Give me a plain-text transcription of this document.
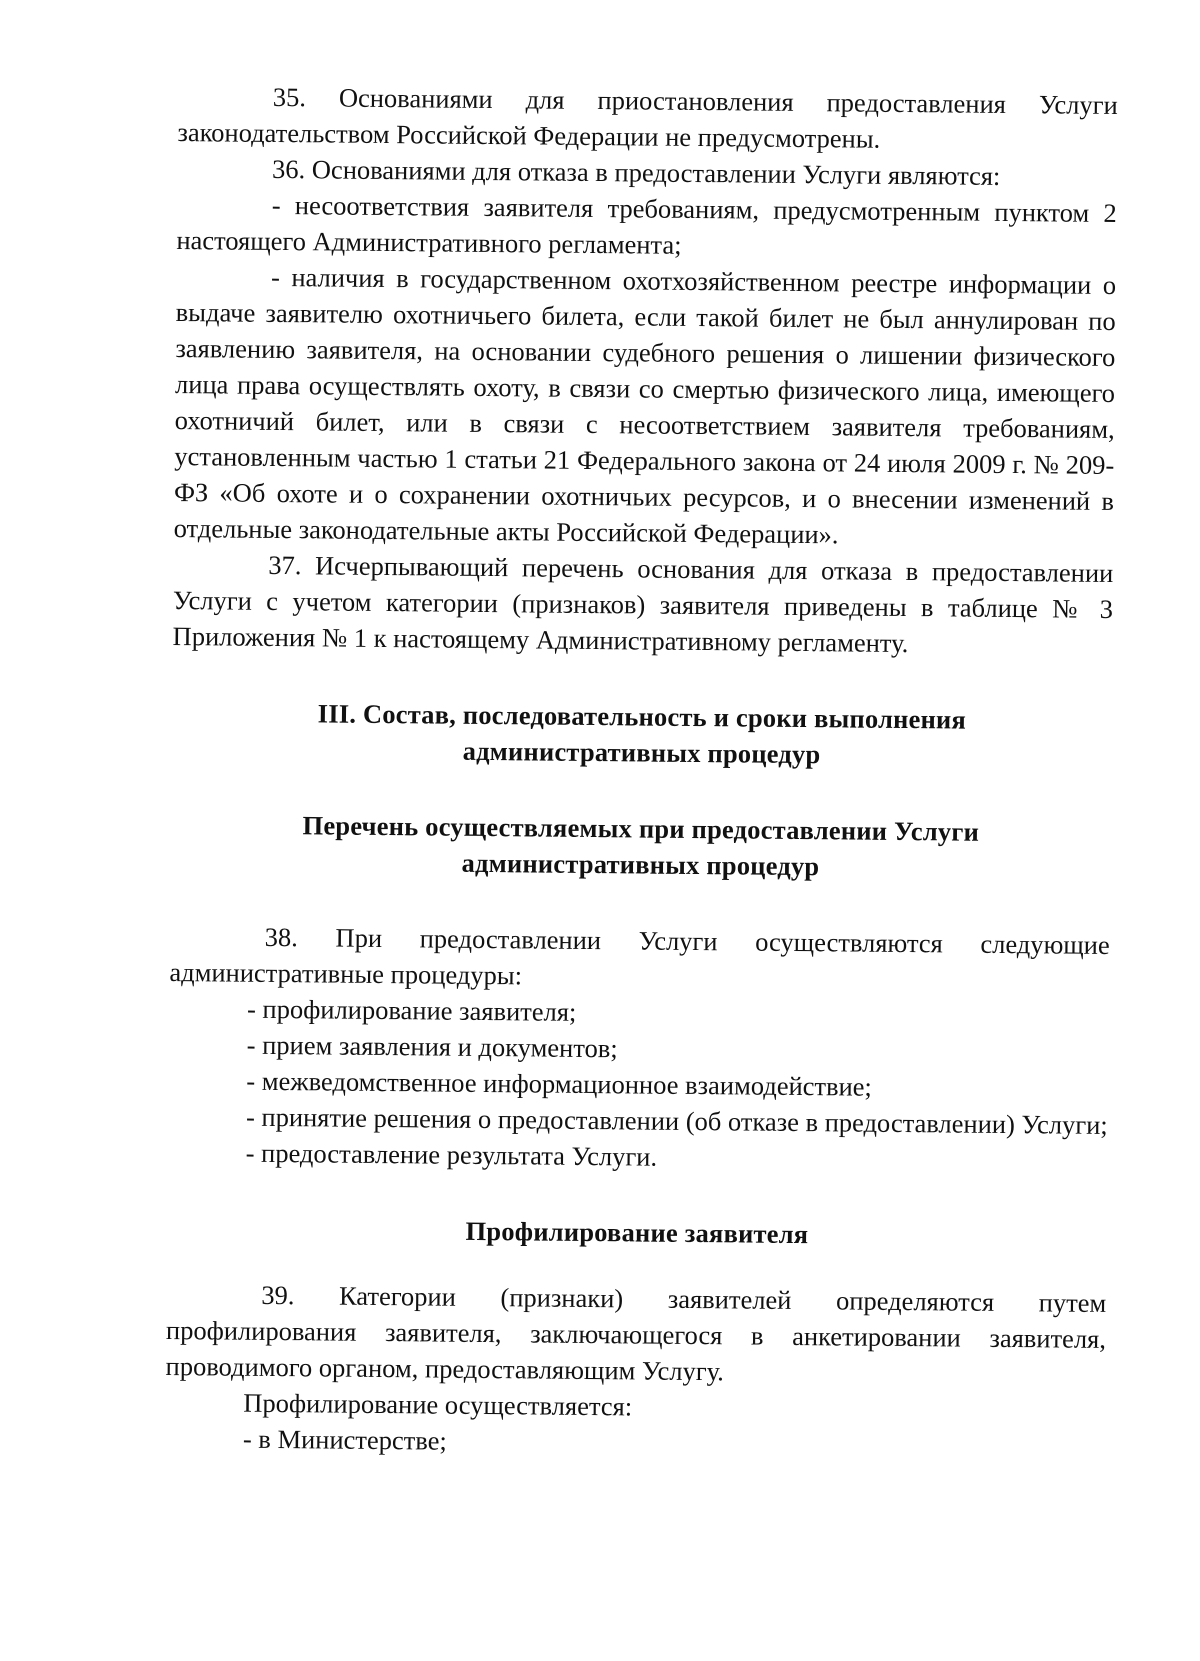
35. Основаниями для приостановления предоставления Услуги законодательством Российской Федерации не предусмотрены.

36. Основаниями для отказа в предоставлении Услуги являются:

- несоответствия заявителя требованиям, предусмотренным пунктом 2 настоящего Административного регламента;

- наличия в государственном охотхозяйственном реестре информации о выдаче заявителю охотничьего билета, если такой билет не был аннулирован по заявлению заявителя, на основании судебного решения о лишении физического лица права осуществлять охоту, в связи со смертью физического лица, имеющего охотничий билет, или в связи с несоответствием заявителя требованиям, установленным частью 1 статьи 21 Федерального закона от 24 июля 2009 г. № 209-ФЗ «Об охоте и о сохранении охотничьих ресурсов, и о внесении изменений в отдельные законодательные акты Российской Федерации».

37. Исчерпывающий перечень основания для отказа в предоставлении Услуги с учетом категории (признаков) заявителя приведены в таблице № 3 Приложения № 1 к настоящему Административному регламенту.

III. Состав, последовательность и сроки выполнения

административных процедур

Перечень осуществляемых при предоставлении Услуги

административных процедур

38. При предоставлении Услуги осуществляются следующие административные процедуры:

- профилирование заявителя;

- прием заявления и документов;

- межведомственное информационное взаимодействие;

- принятие решения о предоставлении (об отказе в предоставлении) Услуги;

- предоставление результата Услуги.

Профилирование заявителя

39. Категории (признаки) заявителей определяются путем профилирования заявителя, заключающегося в анкетировании заявителя, проводимого органом, предоставляющим Услугу.

Профилирование осуществляется:

- в Министерстве;
